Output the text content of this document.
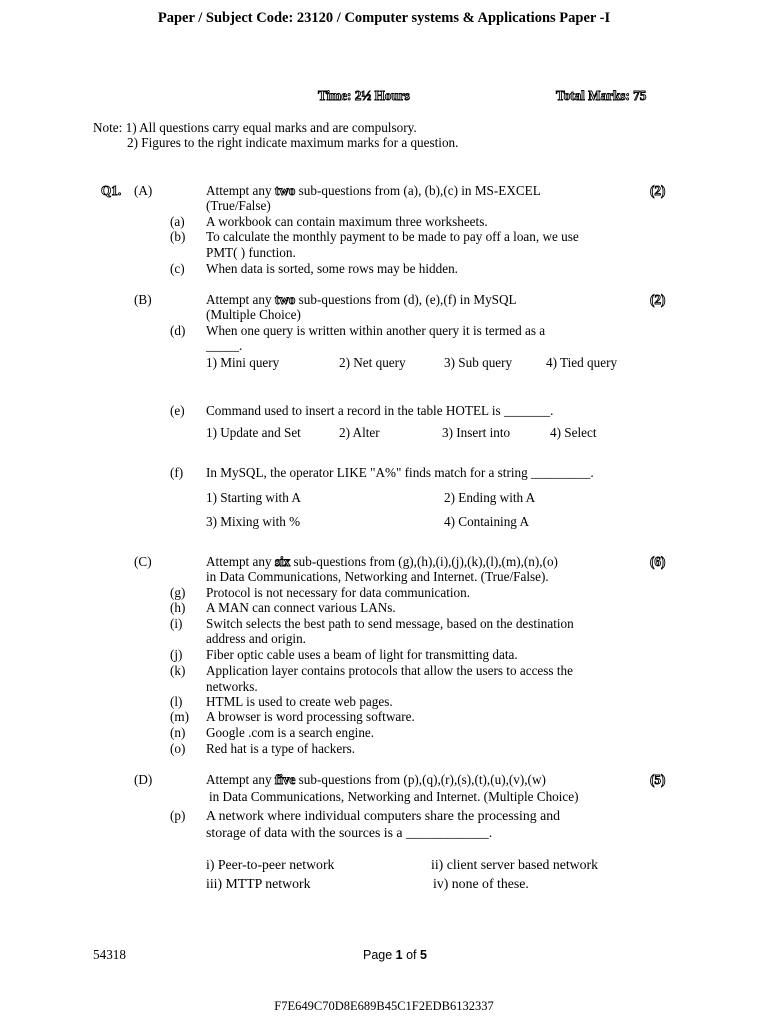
Paper / Subject Code: 23120 / Computer systems & Applications Paper -I
Time: 2½ Hours	Total Marks: 75
Note: 1) All questions carry equal marks and are compulsory.
2) Figures to the right indicate maximum marks for a question.
Q1. (A)	Attempt any two sub-questions from (a), (b),(c) in MS-EXCEL
(True/False)
(2)
(a) A workbook can contain maximum three worksheets.
(b) To calculate the monthly payment to be made to pay off a loan, we use
PMT( ) function.
(c) When data is sorted, some rows may be hidden.
(B)	Attempt any two sub-questions from (d), (e),(f) in MySQL
(Multiple Choice)
(2)
(d) When one query is written within another query it is termed as a
_____.
1) Mini query	2) Net query	3) Sub query	4) Tied query
(e) Command used to insert a record in the table HOTEL is _______.
1) Update and Set	2) Alter	3) Insert into	4) Select
(f) In MySQL, the operator LIKE "A%" finds match for a string _________.
1) Starting with A	2) Ending with A
3) Mixing with %	4) Containing A
(C)	Attempt any six sub-questions from (g),(h),(i),(j),(k),(l),(m),(n),(o)
in Data Communications, Networking and Internet. (True/False).
(6)
(g) Protocol is not necessary for data communication.
(h) A MAN can connect various LANs.
(i) Switch selects the best path to send message, based on the destination
address and origin.
(j) Fiber optic cable uses a beam of light for transmitting data.
(k) Application layer contains protocols that allow the users to access the
networks.
(l) HTML is used to create web pages.
(m) A browser is word processing software.
(n) Google .com is a search engine.
(o) Red hat is a type of hackers.
(D)	Attempt any five sub-questions from (p),(q),(r),(s),(t),(u),(v),(w)
in Data Communications, Networking and Internet. (Multiple Choice)
(5)
(p) A network where individual computers share the processing and
storage of data with the sources is a ____________.
i) Peer-to-peer network	ii) client server based network
iii) MTTP network	iv) none of these.
54318	Page 1 of 5
F7E649C70D8E689B45C1F2EDB6132337
